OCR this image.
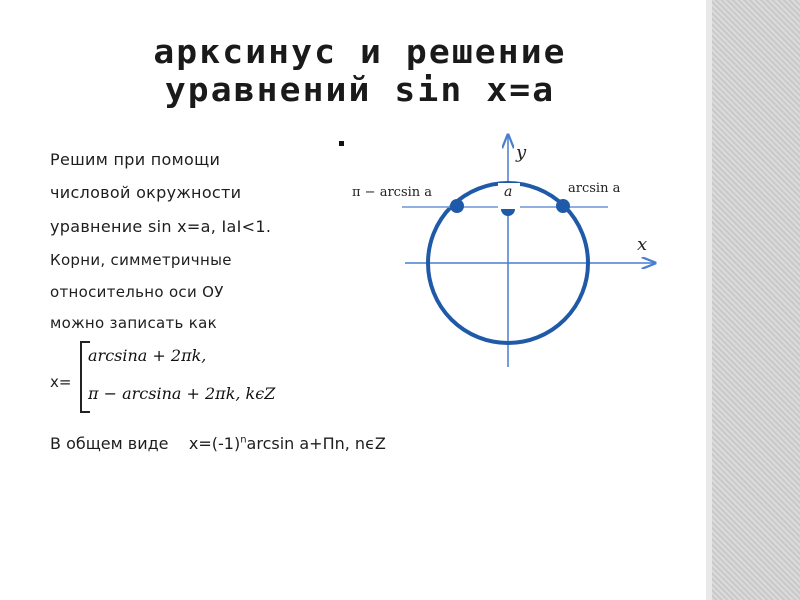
арксинус и решение
уравнений sin x=a
Решим при помощи
числовой окружности
уравнение sin x=a, IaI<1.
Корни, симметричные
относительно оси ОУ
можно записать как
x=
arcsina + 2πk,
π − arcsina + 2πk, kϵZ
В общем виде $x=(-1)^n\arcsin$ a+Пn, nϵZ
y
x
π − arcsin a	a	arcsin a
